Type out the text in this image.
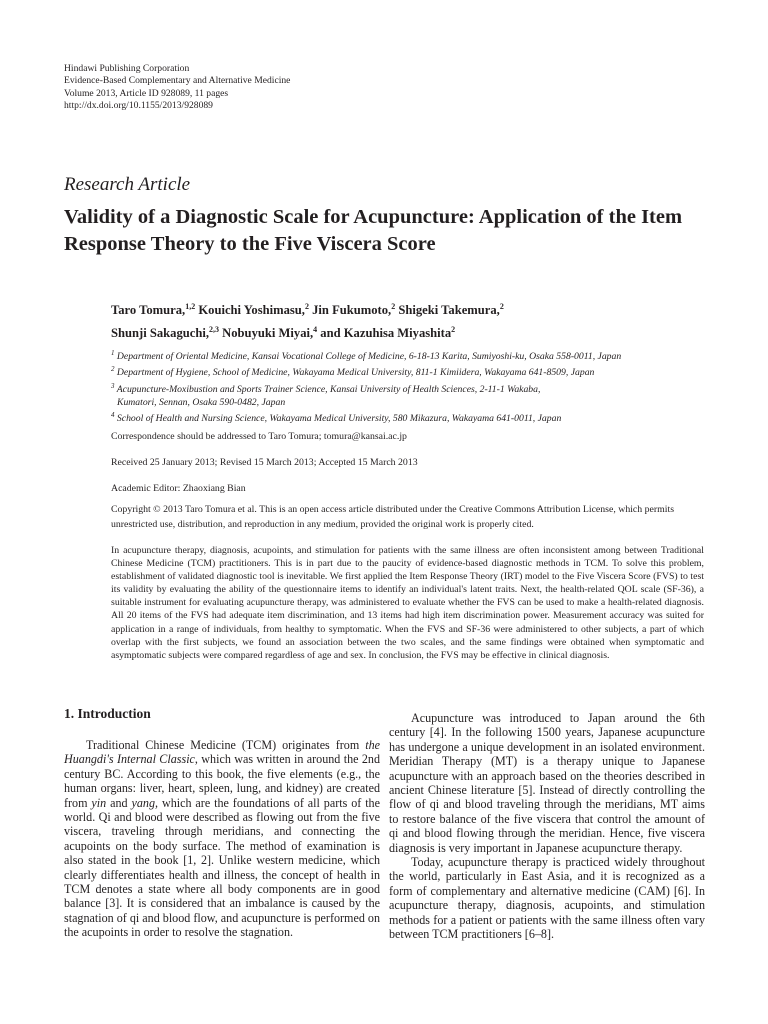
Hindawi Publishing Corporation
Evidence-Based Complementary and Alternative Medicine
Volume 2013, Article ID 928089, 11 pages
http://dx.doi.org/10.1155/2013/928089
Research Article
Validity of a Diagnostic Scale for Acupuncture: Application of the Item Response Theory to the Five Viscera Score
Taro Tomura,$^{1,2}$ Kouichi Yoshimasu,$^2$ Jin Fukumoto,$^2$ Shigeki Takemura,$^2$
Shunji Sakaguchi,$^{2,3}$ Nobuyuki Miyai,$^4$ and Kazuhisa Miyashita$^2$
$^1$ Department of Oriental Medicine, Kansai Vocational College of Medicine, 6-18-13 Karita, Sumiyoshi-ku, Osaka 558-0011, Japan
$^2$ Department of Hygiene, School of Medicine, Wakayama Medical University, 811-1 Kimiidera, Wakayama 641-8509, Japan
$^3$ Acupuncture-Moxibustion and Sports Trainer Science, Kansai University of Health Sciences, 2-11-1 Wakaba,
Kumatori, Sennan, Osaka 590-0482, Japan
$^4$ School of Health and Nursing Science, Wakayama Medical University, 580 Mikazura, Wakayama 641-0011, Japan
Correspondence should be addressed to Taro Tomura; tomura@kansai.ac.jp
Received 25 January 2013; Revised 15 March 2013; Accepted 15 March 2013
Academic Editor: Zhaoxiang Bian
Copyright © 2013 Taro Tomura et al. This is an open access article distributed under the Creative Commons Attribution License, which permits unrestricted use, distribution, and reproduction in any medium, provided the original work is properly cited.
In acupuncture therapy, diagnosis, acupoints, and stimulation for patients with the same illness are often inconsistent among between Traditional Chinese Medicine (TCM) practitioners. This is in part due to the paucity of evidence-based diagnostic methods in TCM. To solve this problem, establishment of validated diagnostic tool is inevitable. We first applied the Item Response Theory (IRT) model to the Five Viscera Score (FVS) to test its validity by evaluating the ability of the questionnaire items to identify an individual's latent traits. Next, the health-related QOL scale (SF-36), a suitable instrument for evaluating acupuncture therapy, was administered to evaluate whether the FVS can be used to make a health-related diagnosis. All 20 items of the FVS had adequate item discrimination, and 13 items had high item discrimination power. Measurement accuracy was suited for application in a range of individuals, from healthy to symptomatic. When the FVS and SF-36 were administered to other subjects, a part of which overlap with the first subjects, we found an association between the two scales, and the same findings were obtained when symptomatic and asymptomatic subjects were compared regardless of age and sex. In conclusion, the FVS may be effective in clinical diagnosis.
1. Introduction

Traditional Chinese Medicine (TCM) originates from the Huangdi's Internal Classic, which was written in around the 2nd century BC. According to this book, the five elements (e.g., the human organs: liver, heart, spleen, lung, and kidney) are created from yin and yang, which are the foundations of all parts of the world. Qi and blood were described as flowing out from the five viscera, traveling through meridians, and connecting the acupoints on the body surface. The method of examination is also stated in the book [1, 2]. Unlike western medicine, which clearly differentiates health and illness, the concept of health in TCM denotes a state where all body components are in good balance [3]. It is considered that an imbalance is caused by the stagnation of qi and blood flow, and acupuncture is performed on the acupoints in order to resolve the stagnation.

Acupuncture was introduced to Japan around the 6th century [4]. In the following 1500 years, Japanese acupuncture has undergone a unique development in an isolated environment. Meridian Therapy (MT) is a therapy unique to Japanese acupuncture with an approach based on the theories described in ancient Chinese literature [5]. Instead of directly controlling the flow of qi and blood traveling through the meridians, MT aims to restore balance of the five viscera that control the amount of qi and blood flowing through the meridian. Hence, five viscera diagnosis is very important in Japanese acupuncture therapy.

Today, acupuncture therapy is practiced widely throughout the world, particularly in East Asia, and it is recognized as a form of complementary and alternative medicine (CAM) [6]. In acupuncture therapy, diagnosis, acupoints, and stimulation methods for a patient or patients with the same illness often vary between TCM practitioners [6–8].
